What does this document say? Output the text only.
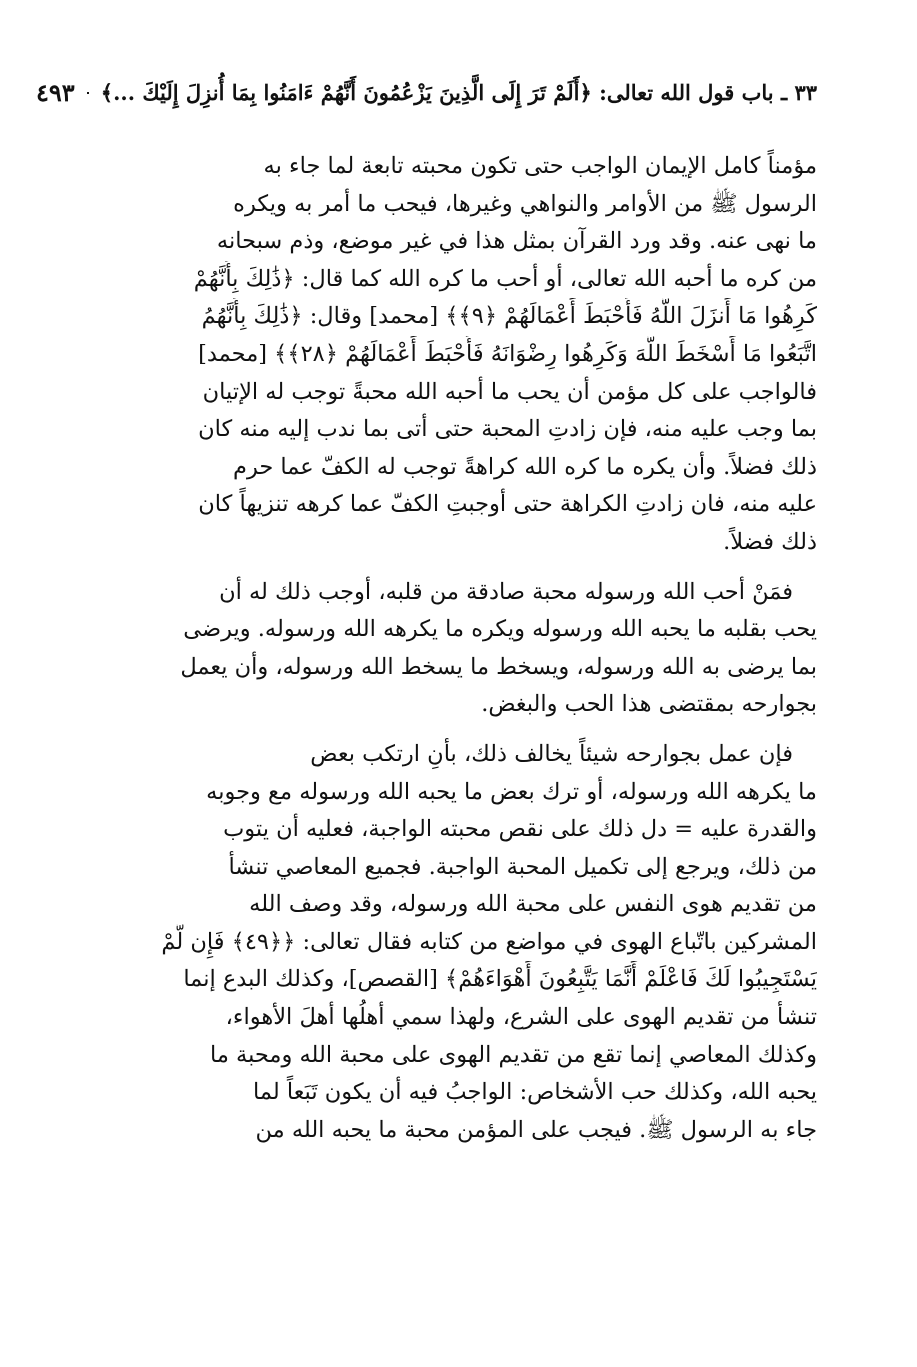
٣٣ ـ باب قول الله تعالى: ﴿أَلَمْ تَرَ إِلَى الَّذِينَ يَزْعُمُونَ أَنَّهُمْ ءَامَنُوا بِمَا أُنزِلَ إِلَيْكَ ...﴾
٤٩٣

مؤمناً كامل الإيمان الواجب حتى تكون محبته تابعة لما جاء به
الرسول ﷺ من الأوامر والنواهي وغيرها، فيحب ما أمر به ويكره
ما نهى عنه. وقد ورد القرآن بمثل هذا في غير موضع، وذم سبحانه
من كره ما أحبه الله تعالى، أو أحب ما كره الله كما قال: ﴿ذَٰلِكَ بِأَنَّهُمْ
كَرِهُوا مَا أَنزَلَ اللَّهُ فَأَحْبَطَ أَعْمَالَهُمْ ﴿٩﴾﴾ [محمد] وقال: ﴿ذَٰلِكَ بِأَنَّهُمُ
اتَّبَعُوا مَا أَسْخَطَ اللَّهَ وَكَرِهُوا رِضْوَانَهُ فَأَحْبَطَ أَعْمَالَهُمْ ﴿٢٨﴾﴾ [محمد]
فالواجب على كل مؤمن أن يحب ما أحبه الله محبةً توجب له الإتيان
بما وجب عليه منه، فإن زادتِ المحبة حتى أتى بما ندب إليه منه كان
ذلك فضلاً. وأن يكره ما كره الله كراهةً توجب له الكفّ عما حرم
عليه منه، فان زادتِ الكراهة حتى أوجبتِ الكفّ عما كرهه تنزيهاً كان
ذلك فضلاً.

فمَنْ أحب الله ورسوله محبة صادقة من قلبه، أوجب ذلك له أن
يحب بقلبه ما يحبه الله ورسوله ويكره ما يكرهه الله ورسوله. ويرضى
بما يرضى به الله ورسوله، ويسخط ما يسخط الله ورسوله، وأن يعمل
بجوارحه بمقتضى هذا الحب والبغض.

فإن عمل بجوارحه شيئاً يخالف ذلك، بأنِ ارتكب بعض
ما يكرهه الله ورسوله، أو ترك بعض ما يحبه الله ورسوله مع وجوبه
والقدرة عليه = دل ذلك على نقص محبته الواجبة، فعليه أن يتوب
من ذلك، ويرجع إلى تكميل المحبة الواجبة. فجميع المعاصي تنشأ
من تقديم هوى النفس على محبة الله ورسوله، وقد وصف الله
المشركين باتّباع الهوى في مواضع من كتابه فقال تعالى: ﴿﴿٤٩﴾ فَإِن لَّمْ
يَسْتَجِيبُوا لَكَ فَاعْلَمْ أَنَّمَا يَتَّبِعُونَ أَهْوَاءَهُمْ﴾ [القصص]، وكذلك البدع إنما
تنشأ من تقديم الهوى على الشرع، ولهذا سمي أهلُها أهلَ الأهواء،
وكذلك المعاصي إنما تقع من تقديم الهوى على محبة الله ومحبة ما
يحبه الله، وكذلك حب الأشخاص: الواجبُ فيه أن يكون تَبَعاً لما
جاء به الرسول ﷺ. فيجب على المؤمن محبة ما يحبه الله من
